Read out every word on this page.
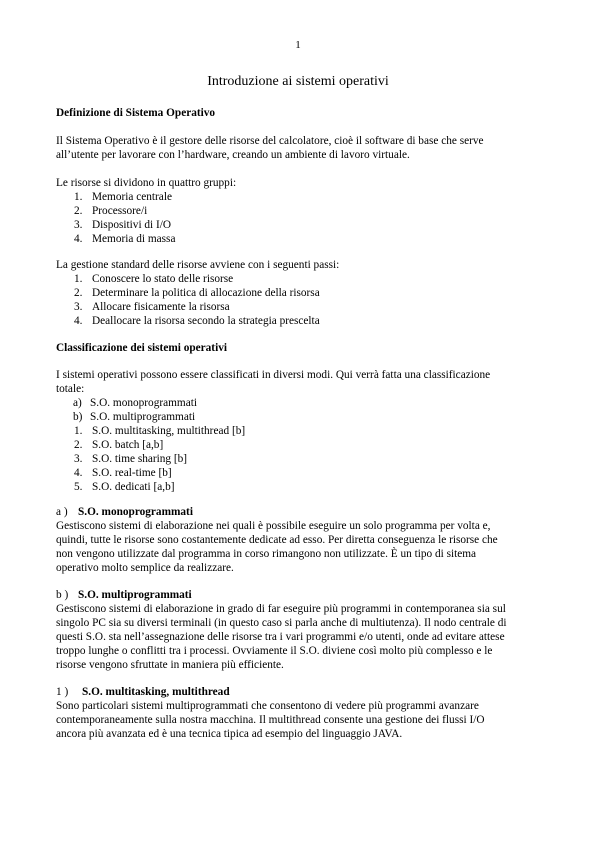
1
Introduzione ai sistemi operativi
Definizione di Sistema Operativo

Il Sistema Operativo è il gestore delle risorse del calcolatore, cioè il software di base che serve

all’utente per lavorare con l’hardware, creando un ambiente di lavoro virtuale.

Le risorse si dividono in quattro gruppi:
1. Memoria centrale
2. Processore/i
3. Dispositivi di I/O
4. Memoria di massa
La gestione standard delle risorse avviene con i seguenti passi:
1. Conoscere lo stato delle risorse
2. Determinare la politica di allocazione della risorsa
3. Allocare fisicamente la risorsa
4. Deallocare la risorsa secondo la strategia prescelta
Classificazione dei sistemi operativi

I sistemi operativi possono essere classificati in diversi modi. Qui verrà fatta una classificazione

totale:

a) S.O. monoprogrammati
b) S.O. multiprogrammati
1. S.O. multitasking, multithread [b]
2. S.O. batch [a,b]
3. S.O. time sharing [b]
4. S.O. real-time [b]
5. S.O. dedicati [a,b]
a ) S.O. monoprogrammati

Gestiscono sistemi di elaborazione nei quali è possibile eseguire un solo programma per volta e,

quindi, tutte le risorse sono costantemente dedicate ad esso. Per diretta conseguenza le risorse che

non vengono utilizzate dal programma in corso rimangono non utilizzate. È un tipo di sitema

operativo molto semplice da realizzare.

b ) S.O. multiprogrammati

Gestiscono sistemi di elaborazione in grado di far eseguire più programmi in contemporanea sia sul

singolo PC sia su diversi terminali (in questo caso si parla anche di multiutenza). Il nodo centrale di

questi S.O. sta nell’assegnazione delle risorse tra i vari programmi e/o utenti, onde ad evitare attese

troppo lunghe o conflitti tra i processi. Ovviamente il S.O. diviene così molto più complesso e le

risorse vengono sfruttate in maniera più efficiente.

1 ) S.O. multitasking, multithread

Sono particolari sistemi multiprogrammati che consentono di vedere più programmi avanzare

contemporaneamente sulla nostra macchina. Il multithread consente una gestione dei flussi I/O

ancora più avanzata ed è una tecnica tipica ad esempio del linguaggio JAVA.
